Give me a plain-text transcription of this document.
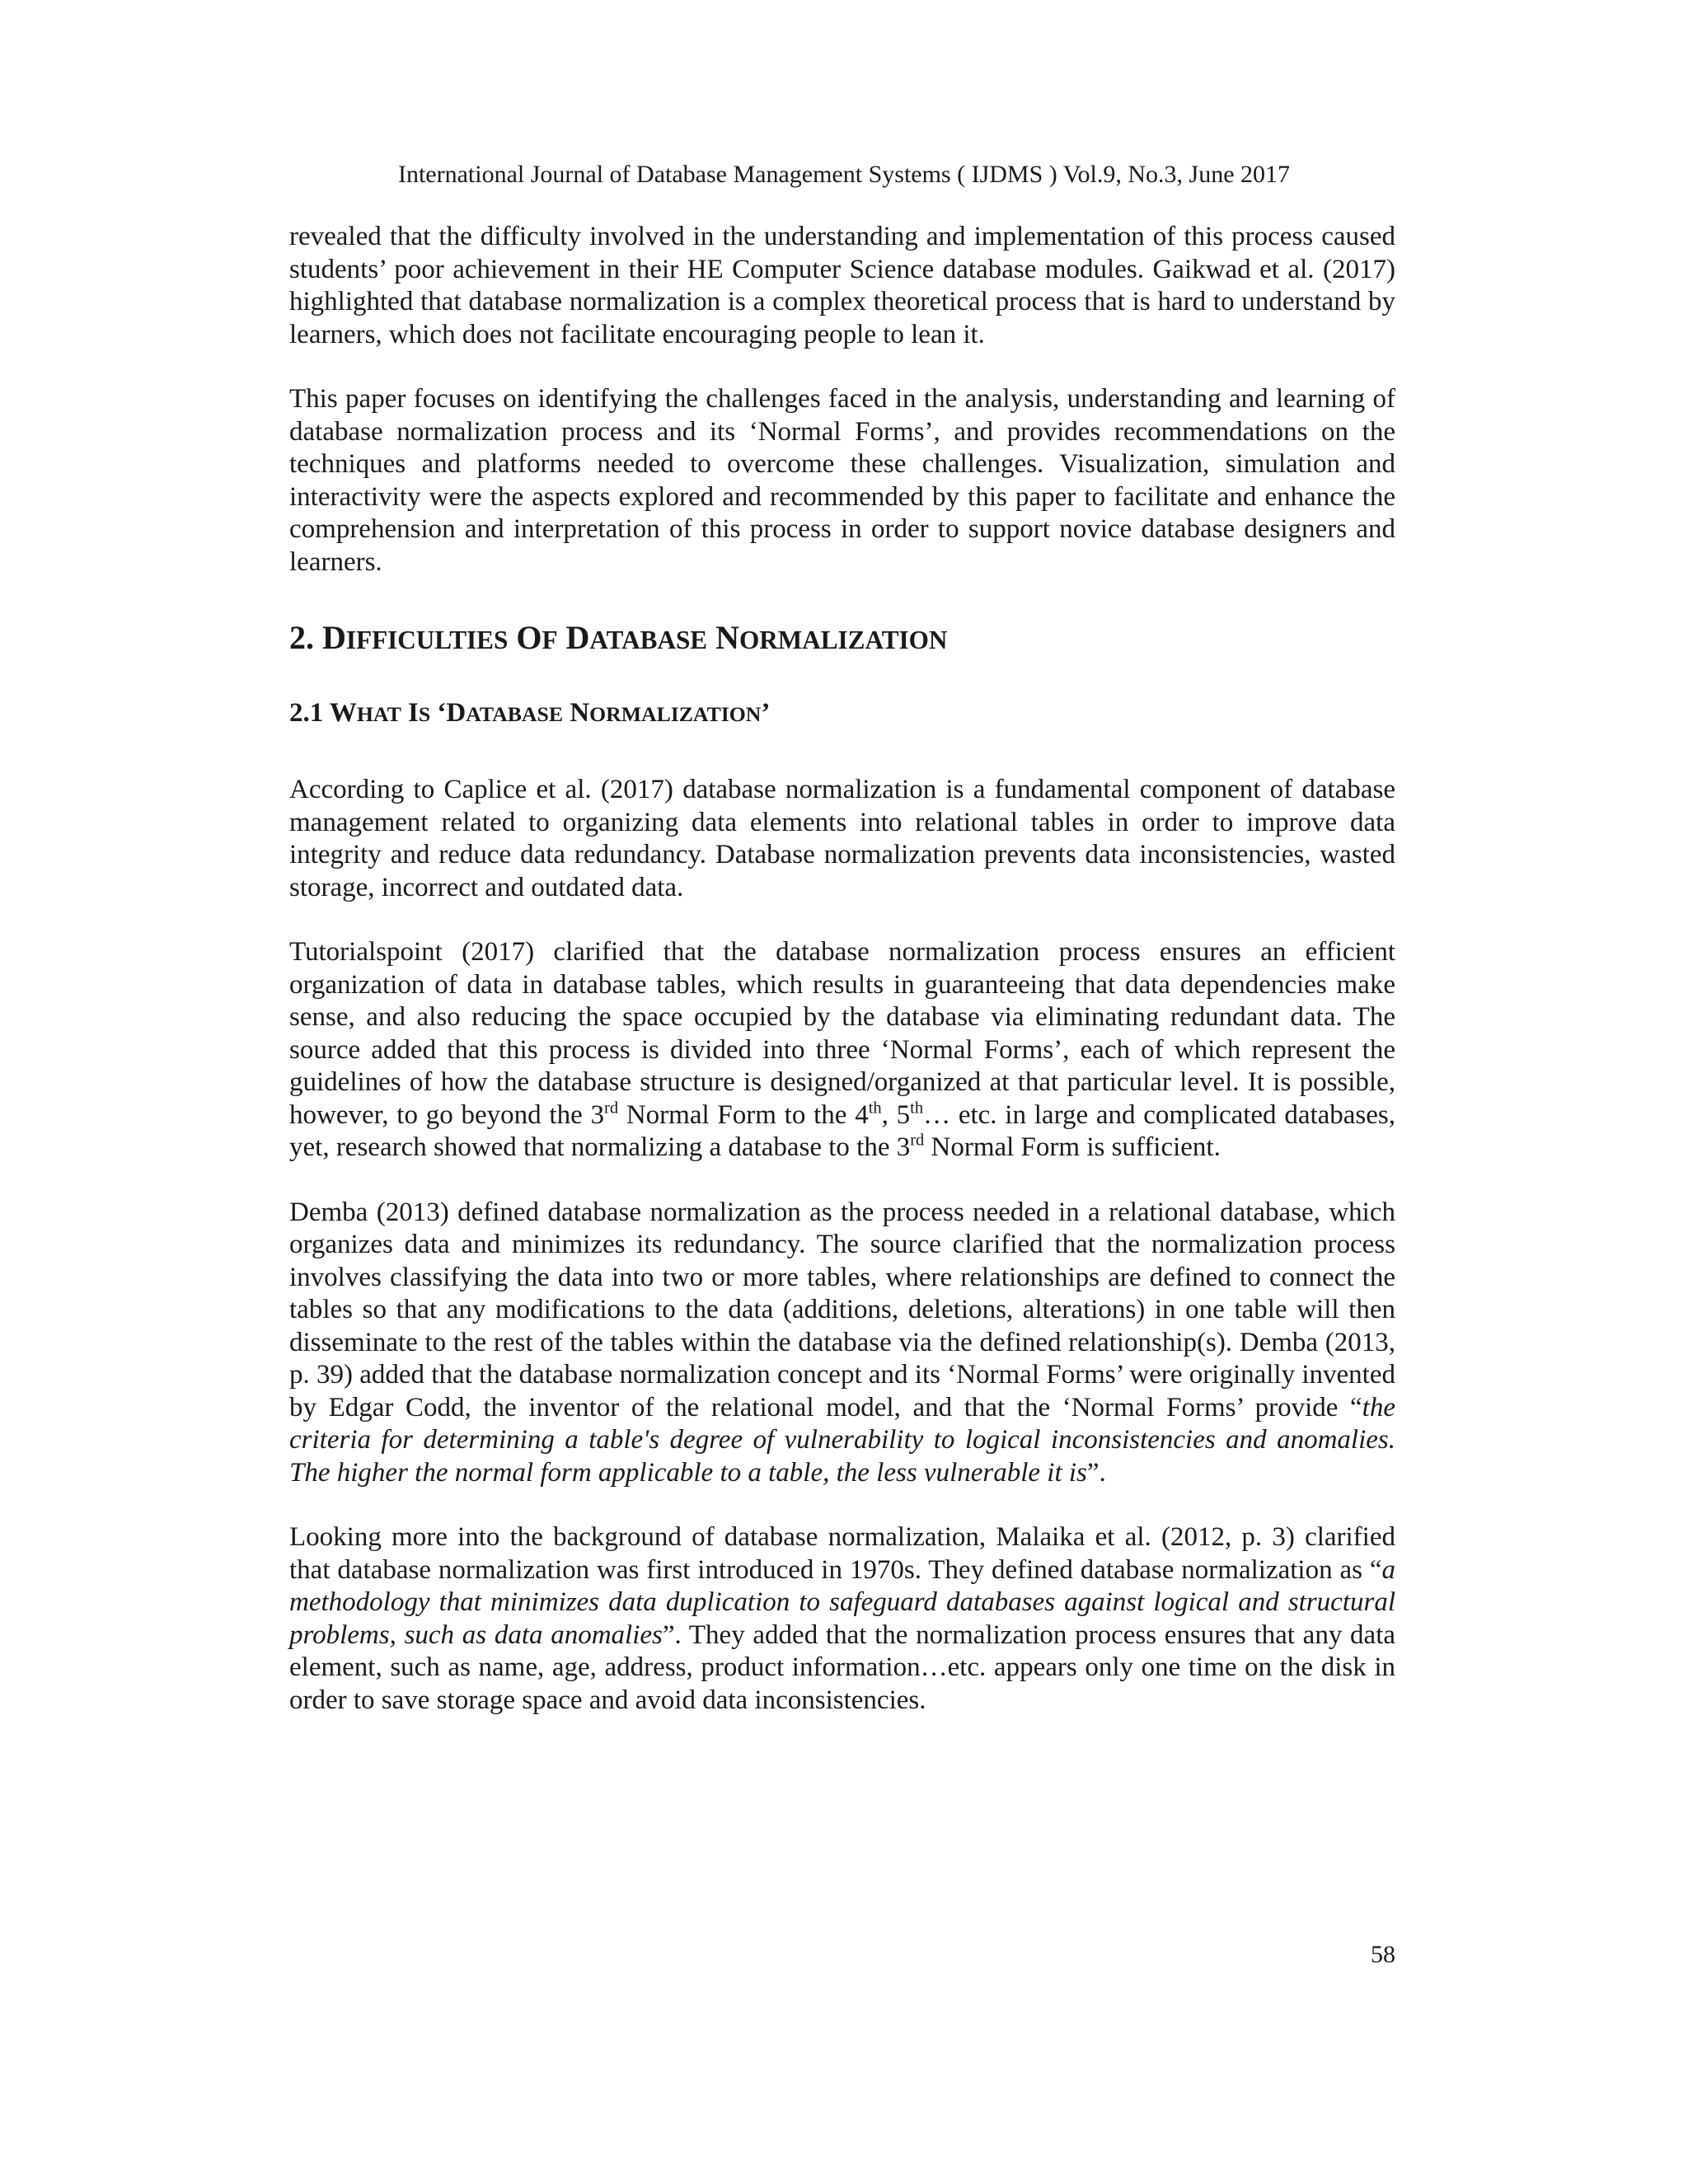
International Journal of Database Management Systems ( IJDMS ) Vol.9, No.3, June 2017

revealed that the difficulty involved in the understanding and implementation of this process caused students’ poor achievement in their HE Computer Science database modules. Gaikwad et al. (2017) highlighted that database normalization is a complex theoretical process that is hard to understand by learners, which does not facilitate encouraging people to lean it.

This paper focuses on identifying the challenges faced in the analysis, understanding and learning of database normalization process and its ‘Normal Forms’, and provides recommendations on the techniques and platforms needed to overcome these challenges. Visualization, simulation and interactivity were the aspects explored and recommended by this paper to facilitate and enhance the comprehension and interpretation of this process in order to support novice database designers and learners.

2. DIFFICULTIES OF DATABASE NORMALIZATION
2.1 WHAT IS ‘DATABASE NORMALIZATION’

According to Caplice et al. (2017) database normalization is a fundamental component of database management related to organizing data elements into relational tables in order to improve data integrity and reduce data redundancy. Database normalization prevents data inconsistencies, wasted storage, incorrect and outdated data.

Tutorialspoint (2017) clarified that the database normalization process ensures an efficient organization of data in database tables, which results in guaranteeing that data dependencies make sense, and also reducing the space occupied by the database via eliminating redundant data. The source added that this process is divided into three ‘Normal Forms’, each of which represent the guidelines of how the database structure is designed/organized at that particular level. It is possible, however, to go beyond the 3rd Normal Form to the 4th, 5th… etc. in large and complicated databases, yet, research showed that normalizing a database to the 3rd Normal Form is sufficient.

Demba (2013) defined database normalization as the process needed in a relational database, which organizes data and minimizes its redundancy. The source clarified that the normalization process involves classifying the data into two or more tables, where relationships are defined to connect the tables so that any modifications to the data (additions, deletions, alterations) in one table will then disseminate to the rest of the tables within the database via the defined relationship(s). Demba (2013, p. 39) added that the database normalization concept and its ‘Normal Forms’ were originally invented by Edgar Codd, the inventor of the relational model, and that the ‘Normal Forms’ provide “the criteria for determining a table's degree of vulnerability to logical inconsistencies and anomalies. The higher the normal form applicable to a table, the less vulnerable it is”.

Looking more into the background of database normalization, Malaika et al. (2012, p. 3) clarified that database normalization was first introduced in 1970s. They defined database normalization as “a methodology that minimizes data duplication to safeguard databases against logical and structural problems, such as data anomalies”. They added that the normalization process ensures that any data element, such as name, age, address, product information…etc. appears only one time on the disk in order to save storage space and avoid data inconsistencies.

58
